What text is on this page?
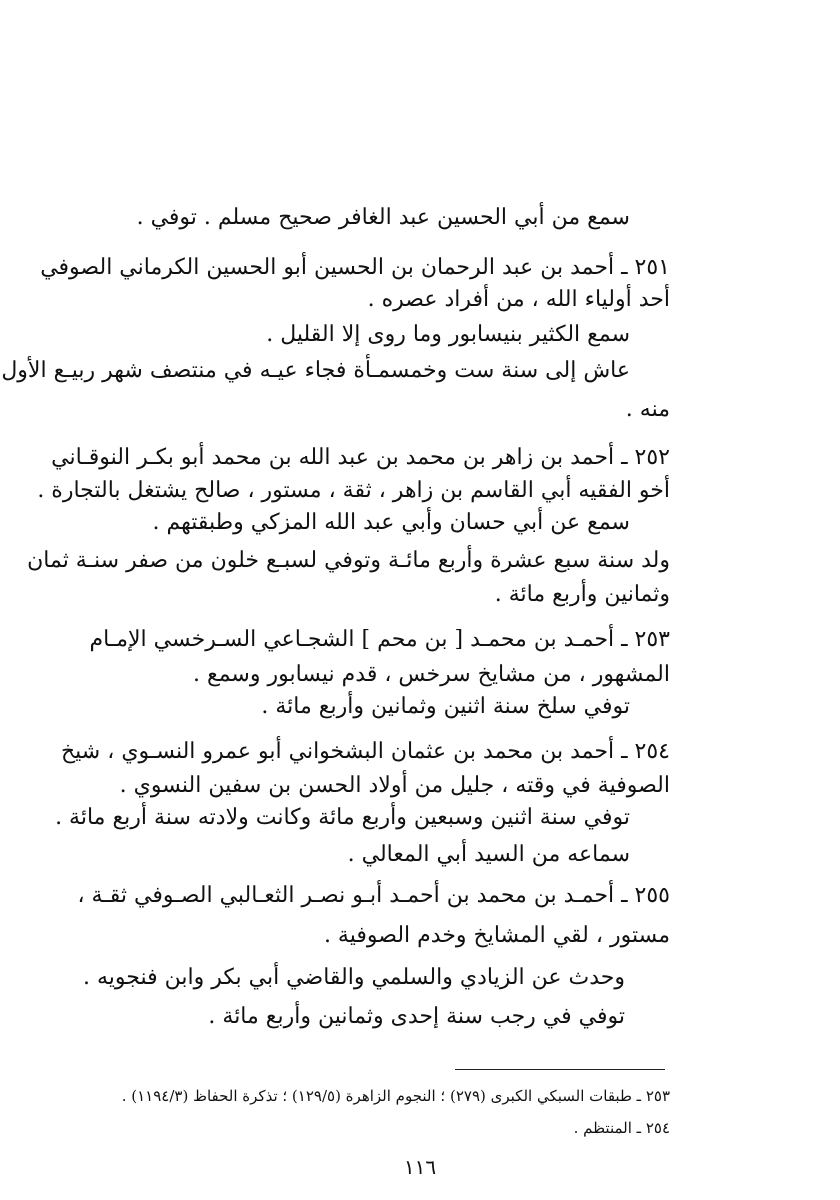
سمع من أبي الحسين عبد الغافر صحيح مسلم . توفي .
٢٥١ ـ أحمد بن عبد الرحمان بن الحسين أبو الحسين الكرماني الصوفي
أحد أولياء الله ، من أفراد عصره .
سمع الكثير بنيسابور وما روى إلا القليل .
عاش إلى سنة ست وخمسمـأة فجاء عيـه في منتصف شهر ربيـع الأول
منه .
٢٥٢ ـ أحمد بن زاهر بن محمد بن عبد الله بن محمد أبو بكـر النوقـاني
أخو الفقيه أبي القاسم بن زاهر ، ثقة ، مستور ، صالح يشتغل بالتجارة .
سمع عن أبي حسان وأبي عبد الله المزكي وطبقتهم .
ولد سنة سبع عشرة وأربع مائـة وتوفي لسبـع خلون من صفر سنـة ثمان
وثمانين وأربع مائة .
٢٥٣ ـ أحمـد بن محمـد [ بن محم ] الشجـاعي السـرخسي الإمـام
المشهور ، من مشايخ سرخس ، قدم نيسابور وسمع .
توفي سلخ سنة اثنين وثمانين وأربع مائة .
٢٥٤ ـ أحمد بن محمد بن عثمان البشخواني أبو عمرو النسـوي ، شيخ
الصوفية في وقته ، جليل من أولاد الحسن بن سفين النسوي .
توفي سنة اثنين وسبعين وأربع مائة وكانت ولادته سنة أربع مائة .
سماعه من السيد أبي المعالي .
٢٥٥ ـ أحمـد بن محمد بن أحمـد أبـو نصـر الثعـالبي الصـوفي ثقـة ،
مستور ، لقي المشايخ وخدم الصوفية .
وحدث عن الزيادي والسلمي والقاضي أبي بكر وابن فنجويه .
توفي في رجب سنة إحدى وثمانين وأربع مائة .
٢٥٣ ـ طبقات السبكي الكبرى (٢٧٩) ؛ النجوم الزاهرة (١٢٩/٥) ؛ تذكرة الحفاظ (١١٩٤/٣) .
٢٥٤ ـ المنتظم .
١١٦
